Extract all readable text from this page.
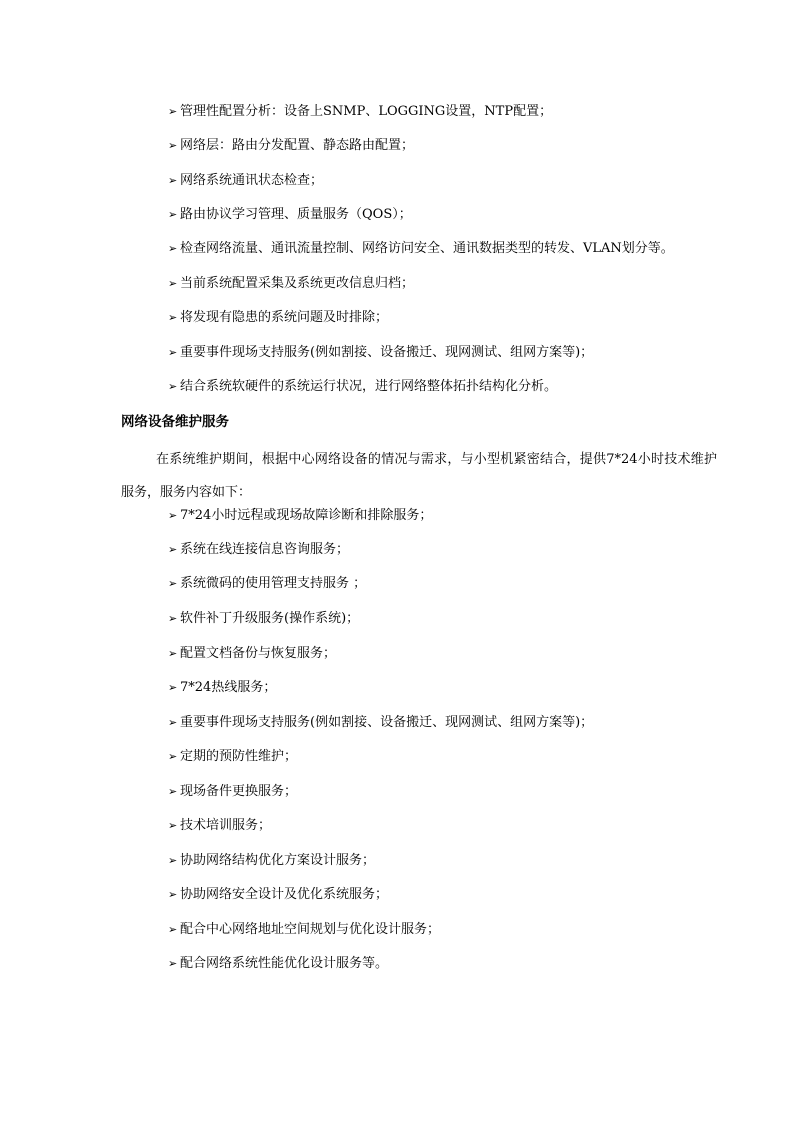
➢ 管理性配置分析：设备上SNMP、LOGGING设置，NTP配置；
➢ 网络层：路由分发配置、静态路由配置；
➢ 网络系统通讯状态检查；
➢ 路由协议学习管理、质量服务（QOS）；
➢ 检查网络流量、通讯流量控制、网络访问安全、通讯数据类型的转发、VLAN划分等。
➢ 当前系统配置采集及系统更改信息归档；
➢ 将发现有隐患的系统问题及时排除；
➢ 重要事件现场支持服务(例如割接、设备搬迁、现网测试、组网方案等)；
➢ 结合系统软硬件的系统运行状况，进行网络整体拓扑结构化分析。
网络设备维护服务
在系统维护期间，根据中心网络设备的情况与需求，与小型机紧密结合，提供7*24小时技术维护服务，服务内容如下：
➢ 7*24小时远程或现场故障诊断和排除服务；
➢ 系统在线连接信息咨询服务；
➢ 系统微码的使用管理支持服务 ；
➢ 软件补丁升级服务(操作系统)；
➢ 配置文档备份与恢复服务；
➢ 7*24热线服务；
➢ 重要事件现场支持服务(例如割接、设备搬迁、现网测试、组网方案等)；
➢ 定期的预防性维护；
➢ 现场备件更换服务；
➢ 技术培训服务；
➢ 协助网络结构优化方案设计服务；
➢ 协助网络安全设计及优化系统服务；
➢ 配合中心网络地址空间规划与优化设计服务；
➢ 配合网络系统性能优化设计服务等。
